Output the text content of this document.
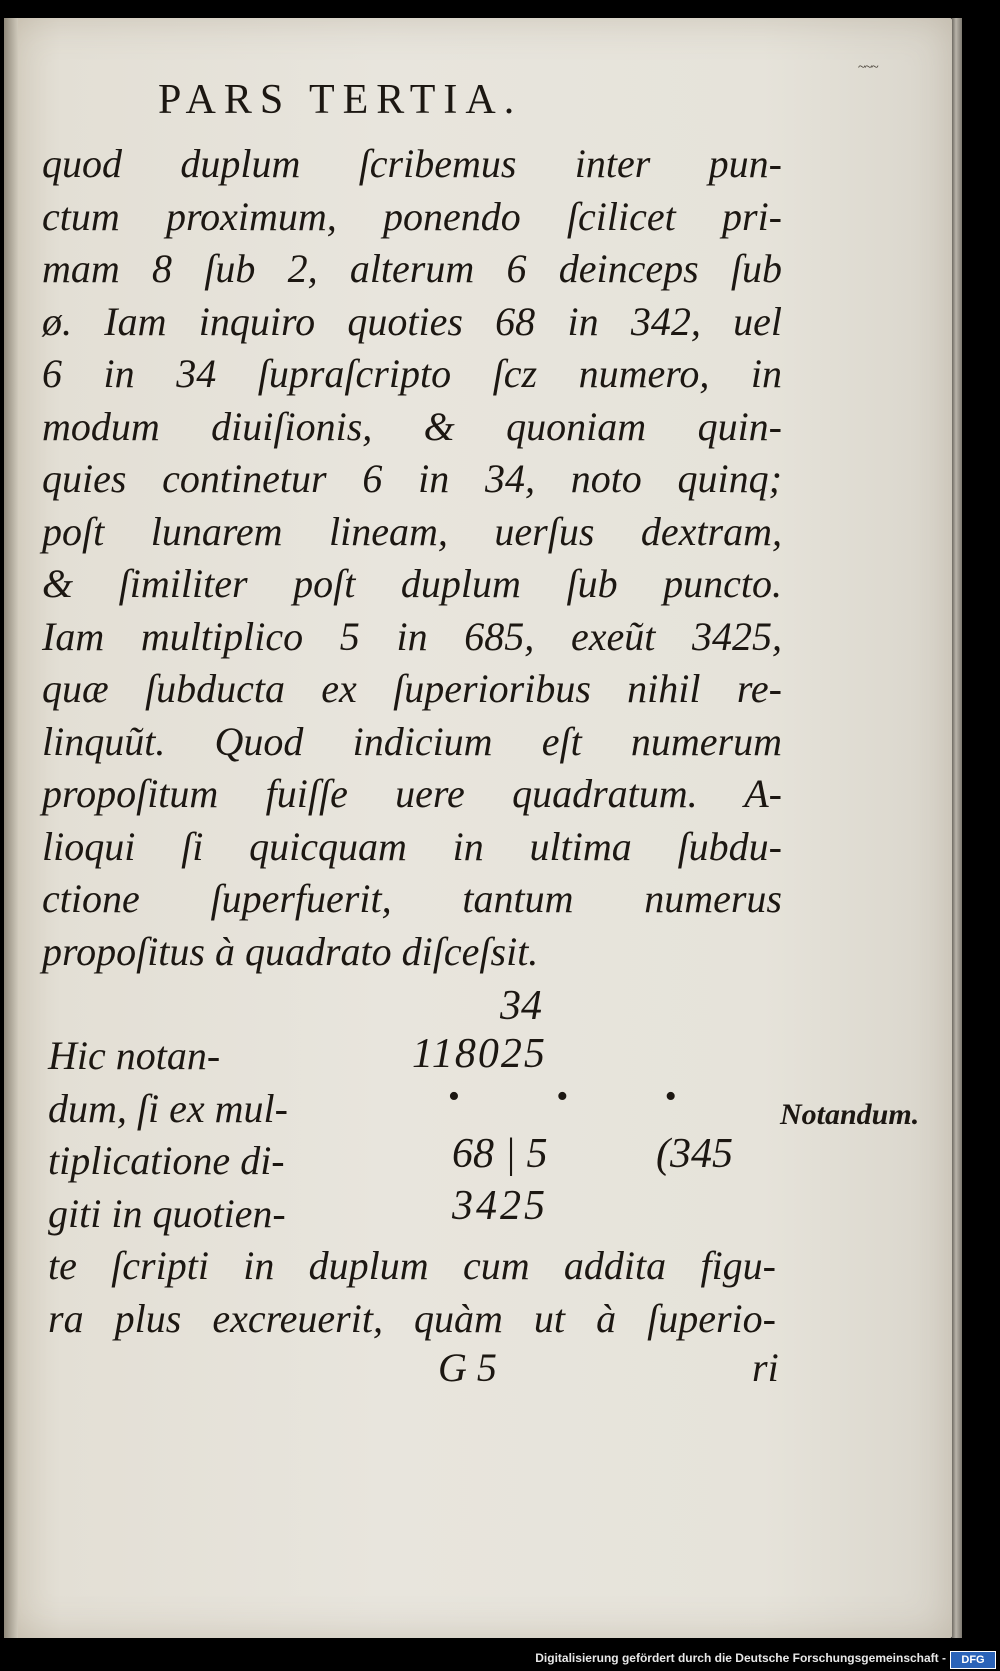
PARS TERTIA.
~~~
quod duplum ſcribemus inter pun-
ctum proximum, ponendo ſcilicet pri-
mam 8 ſub 2, alterum 6 deinceps ſub
ø. Iam inquiro quoties 68 in 342, uel
6 in 34 ſupraſcripto ſcz numero, in
modum diuiſionis, & quoniam quin-
quies continetur 6 in 34, noto quinq;
poſt lunarem lineam, uerſus dextram,
& ſimiliter poſt duplum ſub puncto.
Iam multiplico 5 in 685, exeũt 3425,
quæ ſubducta ex ſuperioribus nihil re-
linquũt. Quod indicium eſt numerum
propoſitum fuiſſe uere quadratum. A-
lioqui ſi quicquam in ultima ſubdu-
ctione ſuperfuerit, tantum numerus
propoſitus à quadrato diſceſsit.
34
118025
• • •
68 | 5	(345
3425
Hic notan-
dum, ſi ex mul-
tiplicatione di-
giti in quotien-
te ſcripti in duplum cum addita figu-
ra plus excreuerit, quàm ut à ſuperio-
Notandum.
G 5	ri
Digitalisierung gefördert durch die Deutsche Forschungsgemeinschaft -	DFG
